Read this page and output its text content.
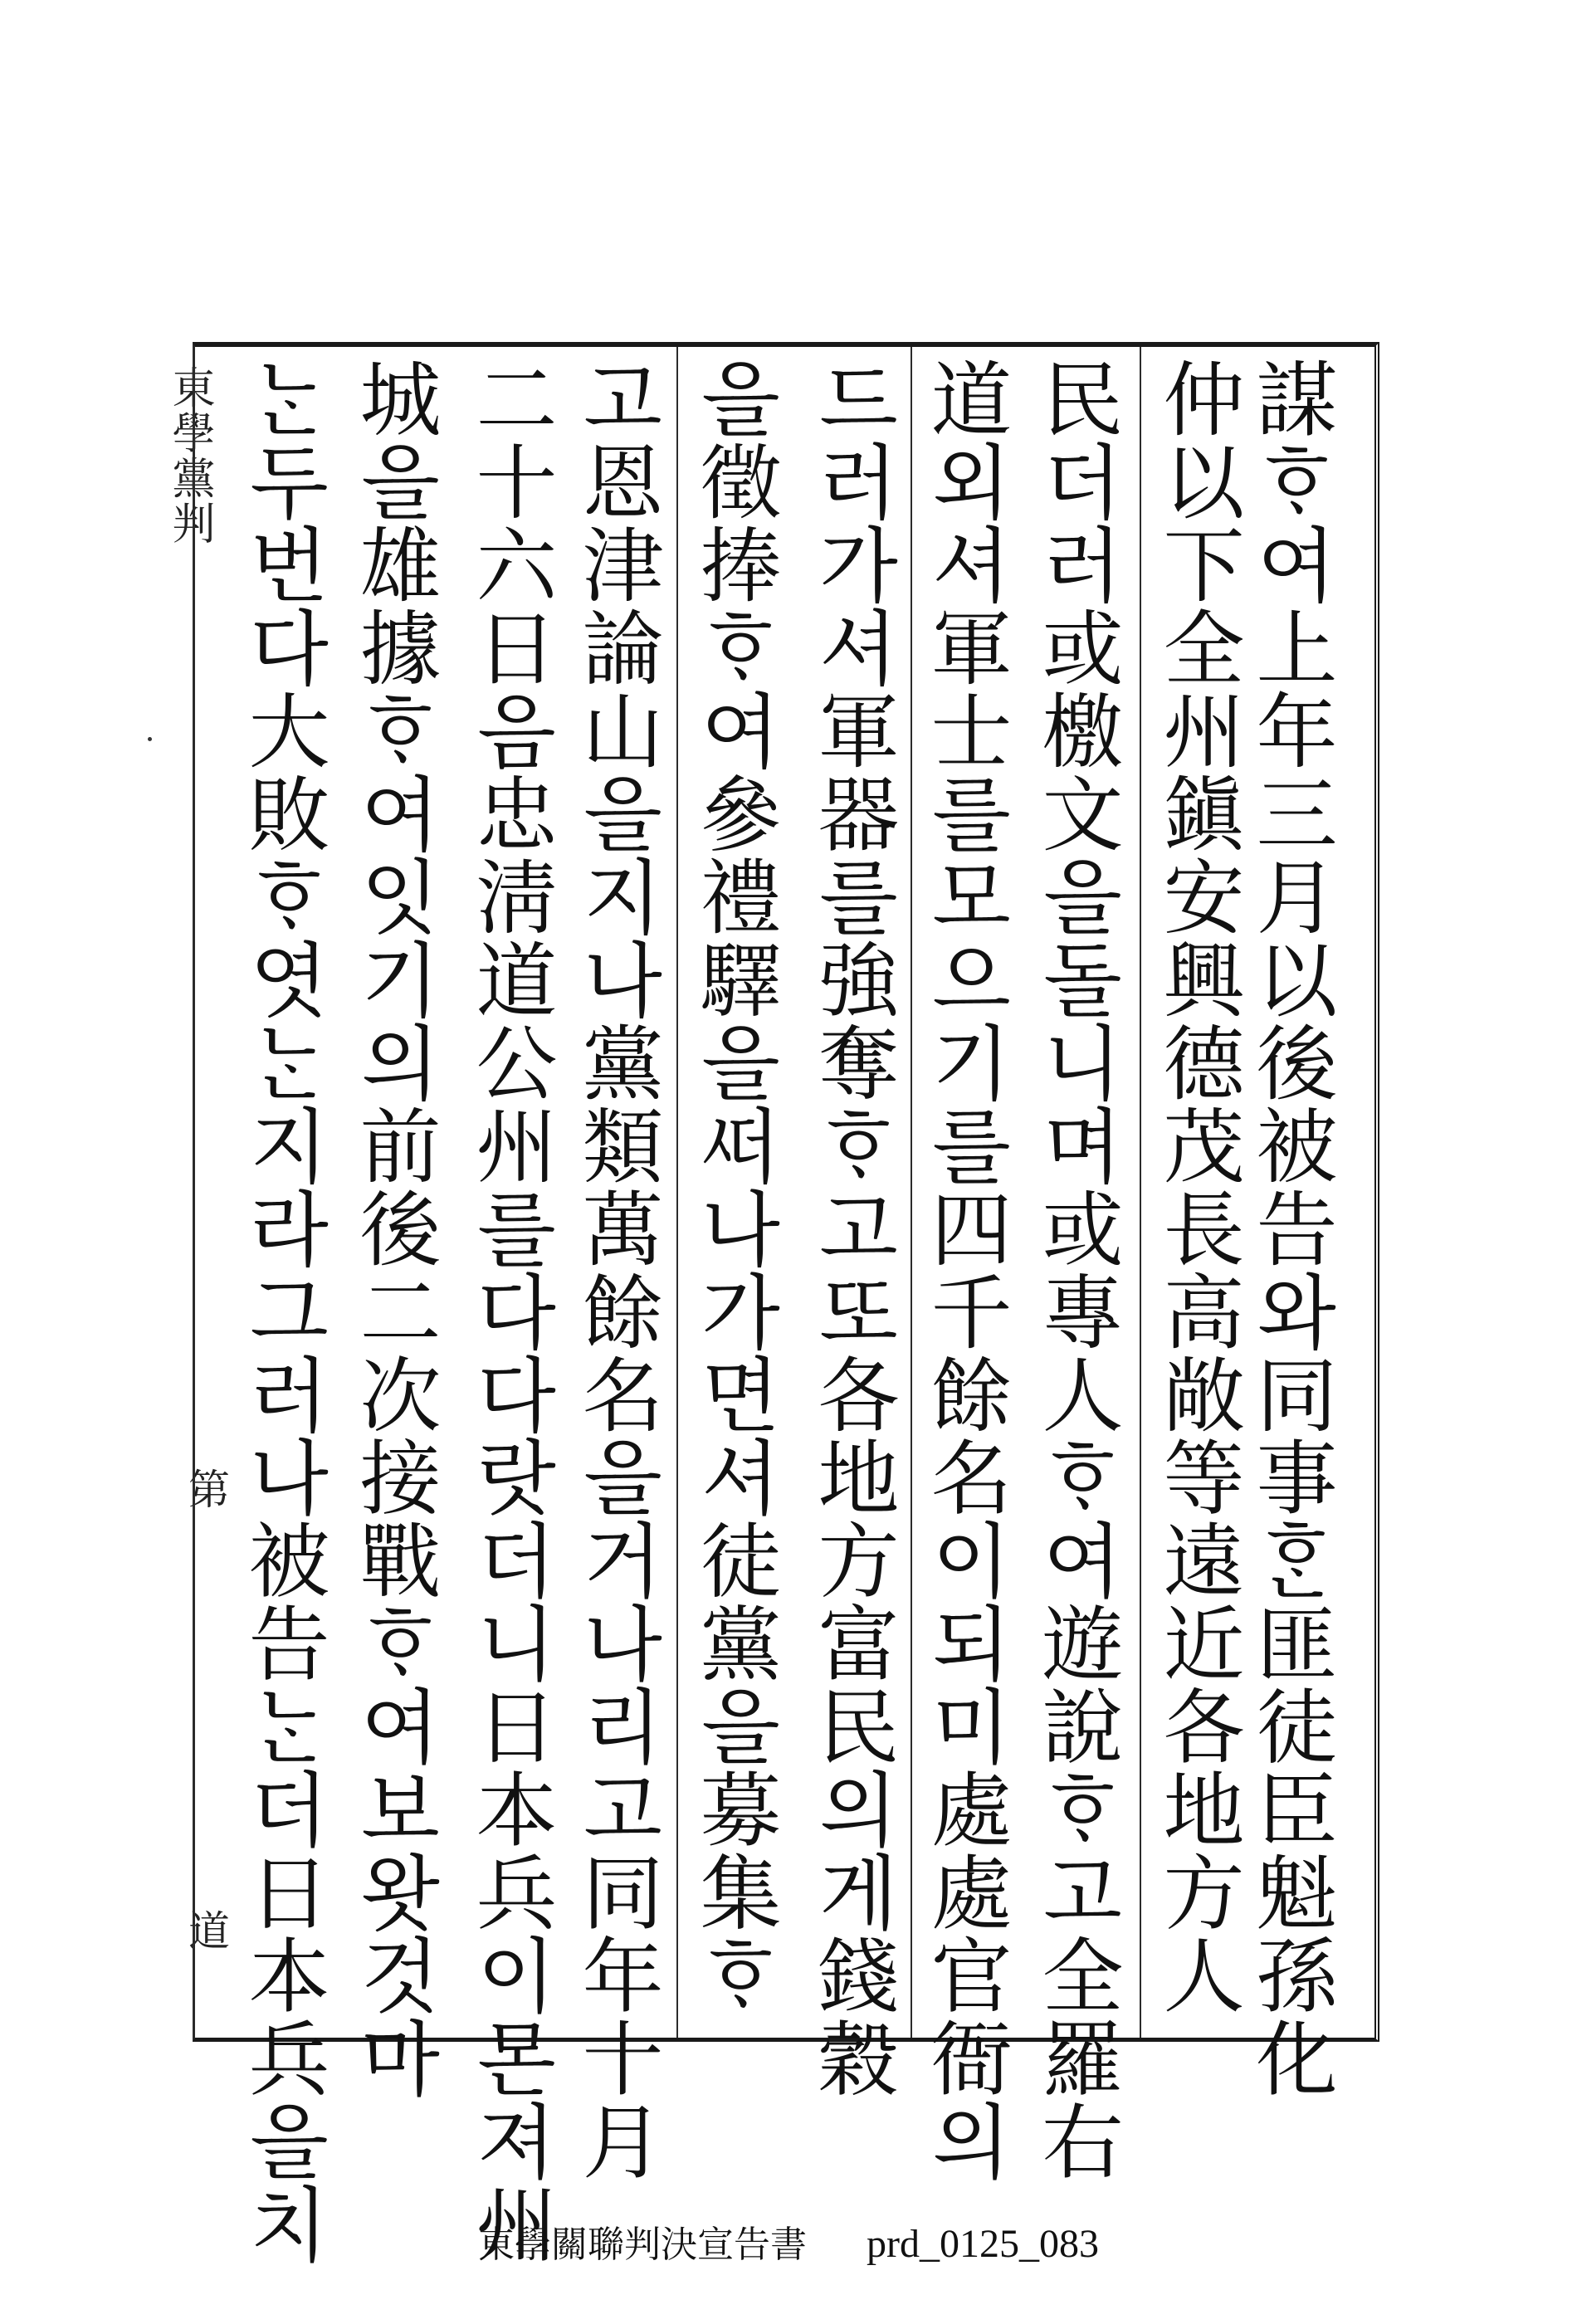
東學黨判
第
道	謀ᄒᆞ여上年三月以後被告와同事ᄒᆞᆫ匪徒臣魁孫化
仲以下全州鎭安興德茂長高敞等遠近各地方人
民더러或檄文을돌니며或專人ᄒᆞ여遊說ᄒᆞ고全羅右
道외셔軍士를모으기를四千餘名이되미處處官衙의
드러가셔軍器를強奪ᄒᆞ고또各地方富民의게錢穀
을徵捧ᄒᆞ여參禮驛을ᄯᅥ나가면셔徒黨을募集ᄒᆞ
고恩津論山을지나黨類萬餘名을거나리고同年十月
二十六日음忠淸道公州를다다랏더니日本兵이몬져州
城을雄據ᄒᆞ여잇기의前後二次接戰ᄒᆞ여보왓것마
ᄂᆞᆫ두번다大敗ᄒᆞ엿ᄂᆞᆫ지라그러나被告ᄂᆞᆫ더日本兵을치	東學關聯判決宣告書 prd_0125_083
